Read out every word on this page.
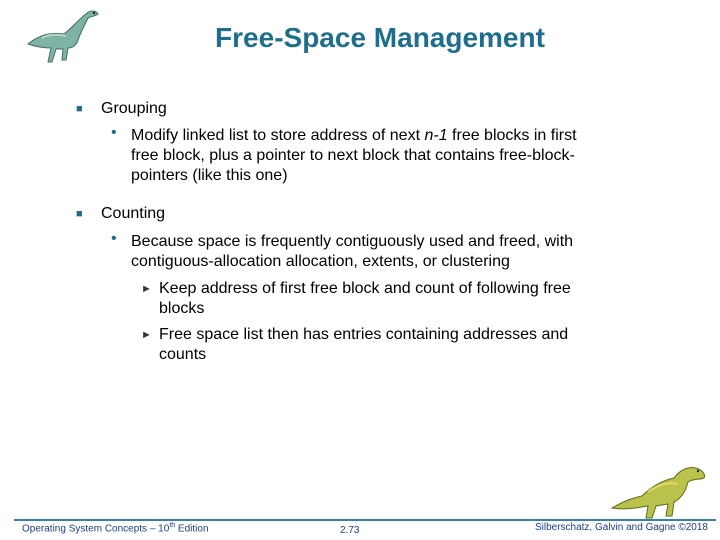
Free-Space Management
■ Grouping
• Modify linked list to store address of next n-1 free blocks in first
free block, plus a pointer to next block that contains free-block-
pointers (like this one)
■ Counting
• Because space is frequently contiguously used and freed, with
contiguous-allocation allocation, extents, or clustering
► Keep address of first free block and count of following free
blocks
► Free space list then has entries containing addresses and
counts
Operating System Concepts – 10th Edition	2.73	Silberschatz, Galvin and Gagne ©2018
